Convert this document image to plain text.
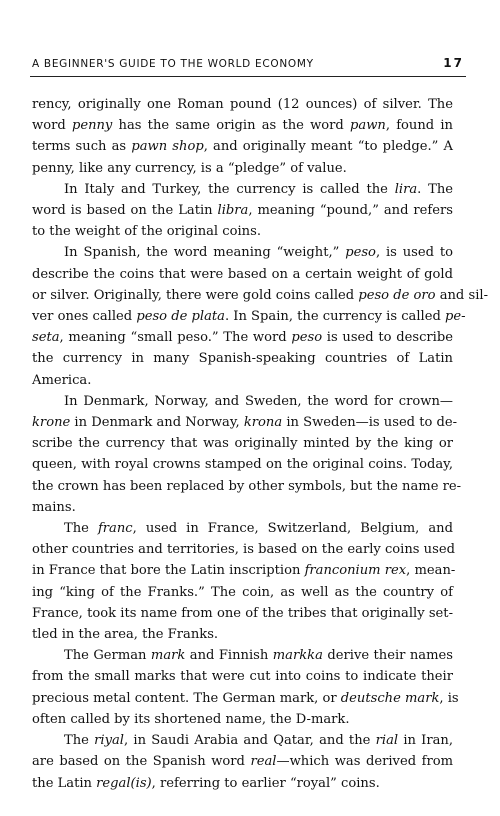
A BEGINNER'S GUIDE TO THE WORLD ECONOMY	17
rency, originally one Roman pound (12 ounces) of silver. The
word penny has the same origin as the word pawn, found in
terms such as pawn shop, and originally meant “to pledge.” A
penny, like any currency, is a “pledge” of value.
In Italy and Turkey, the currency is called the lira. The
word is based on the Latin libra, meaning “pound,” and refers
to the weight of the original coins.
In Spanish, the word meaning “weight,” peso, is used to
describe the coins that were based on a certain weight of gold
or silver. Originally, there were gold coins called peso de oro and sil-
ver ones called peso de plata. In Spain, the currency is called pe-
seta, meaning “small peso.” The word peso is used to describe
the currency in many Spanish-speaking countries of Latin
America.
In Denmark, Norway, and Sweden, the word for crown—
krone in Denmark and Norway, krona in Sweden—is used to de-
scribe the currency that was originally minted by the king or
queen, with royal crowns stamped on the original coins. Today,
the crown has been replaced by other symbols, but the name re-
mains.
The franc, used in France, Switzerland, Belgium, and
other countries and territories, is based on the early coins used
in France that bore the Latin inscription franconium rex, mean-
ing “king of the Franks.” The coin, as well as the country of
France, took its name from one of the tribes that originally set-
tled in the area, the Franks.
The German mark and Finnish markka derive their names
from the small marks that were cut into coins to indicate their
precious metal content. The German mark, or deutsche mark, is
often called by its shortened name, the D-mark.
The riyal, in Saudi Arabia and Qatar, and the rial in Iran,
are based on the Spanish word real—which was derived from
the Latin regal(is), referring to earlier “royal” coins.
